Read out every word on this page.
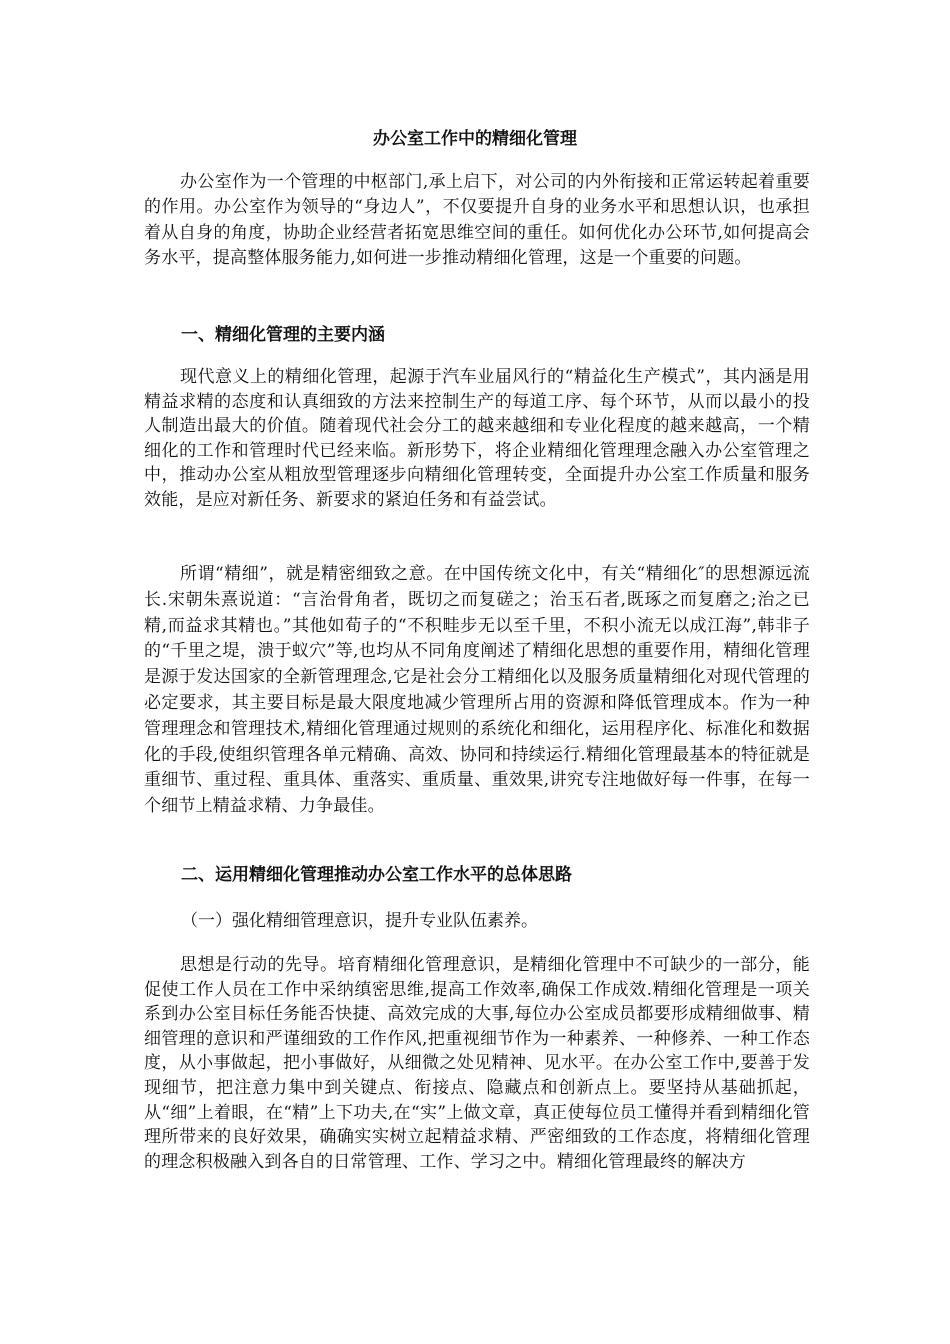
办公室工作中的精细化管理

办公室作为一个管理的中枢部门,承上启下，对公司的内外衔接和正常运转起着重要的作用。办公室作为领导的“身边人”，不仅要提升自身的业务水平和思想认识，也承担着从自身的角度，协助企业经营者拓宽思维空间的重任。如何优化办公环节,如何提高会务水平，提高整体服务能力,如何进一步推动精细化管理，这是一个重要的问题。

一、精细化管理的主要内涵

现代意义上的精细化管理，起源于汽车业届风行的“精益化生产模式”，其内涵是用精益求精的态度和认真细致的方法来控制生产的每道工序、每个环节，从而以最小的投人制造出最大的价值。随着现代社会分工的越来越细和专业化程度的越来越高，一个精细化的工作和管理时代已经来临。新形势下，将企业精细化管理理念融入办公室管理之中，推动办公室从粗放型管理逐步向精细化管理转变，全面提升办公室工作质量和服务效能，是应对新任务、新要求的紧迫任务和有益尝试。

所谓“精细”，就是精密细致之意。在中国传统文化中，有关“精细化″的思想源远流长.宋朝朱熹说道：“言治骨角者，既切之而复磋之；治玉石者,既琢之而复磨之;治之已精,而益求其精也。”其他如荀子的“不积畦步无以至千里，不积小流无以成江海”,韩非子的“千里之堤，溃于蚁穴”等,也均从不同角度阐述了精细化思想的重要作用，精细化管理是源于发达国家的全新管理理念,它是社会分工精细化以及服务质量精细化对现代管理的必定要求，其主要目标是最大限度地减少管理所占用的资源和降低管理成本。作为一种管理理念和管理技术,精细化管理通过规则的系统化和细化，运用程序化、标准化和数据化的手段,使组织管理各单元精确、高效、协同和持续运行.精细化管理最基本的特征就是重细节、重过程、重具体、重落实、重质量、重效果,讲究专注地做好每一件事，在每一个细节上精益求精、力争最佳。

二、运用精细化管理推动办公室工作水平的总体思路
（一）强化精细管理意识，提升专业队伍素养。

思想是行动的先导。培育精细化管理意识，是精细化管理中不可缺少的一部分，能促使工作人员在工作中采纳缜密思维,提高工作效率,确保工作成效.精细化管理是一项关系到办公室目标任务能否快捷、高效完成的大事,每位办公室成员都要形成精细做事、精细管理的意识和严谨细致的工作作风,把重视细节作为一种素养、一种修养、一种工作态度，从小事做起，把小事做好，从细微之处见精神、见水平。在办公室工作中,要善于发现细节，把注意力集中到关键点、衔接点、隐藏点和创新点上。要坚持从基础抓起，从“细”上着眼，在“精”上下功夫,在“实”上做文章，真正使每位员工懂得并看到精细化管理所带来的良好效果，确确实实树立起精益求精、严密细致的工作态度，将精细化管理的理念积极融入到各自的日常管理、工作、学习之中。精细化管理最终的解决方
